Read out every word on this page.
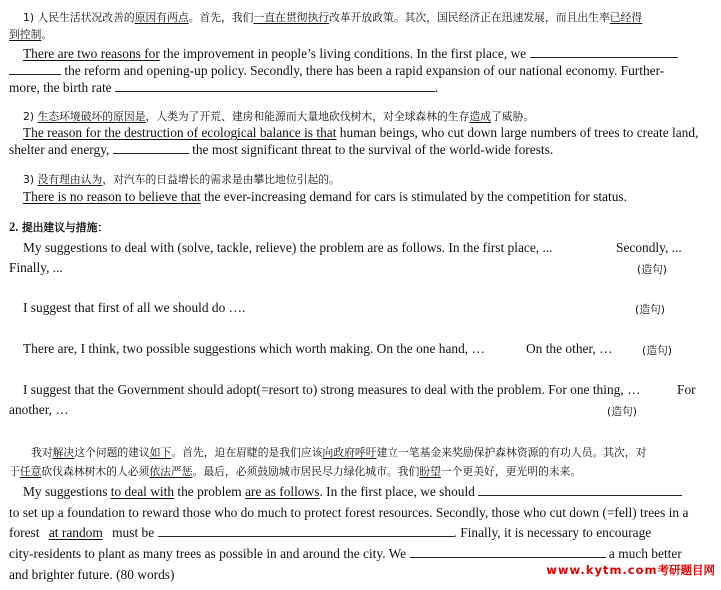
1) 人民生活状况改善的原因有两点。首先，我们一直在贯彻执行改革开放政策。其次，国民经济正在迅速发展，而且出生率已经得
到控制。
There are two reasons for the improvement in people’s living conditions. In the first place, we
the reform and opening-up policy. Secondly, there has been a rapid expansion of our national economy. Further-
more, the birth rate	.
2) 生态环境破坏的原因是，人类为了开荒、建房和能源而大量地砍伐树木，对全球森林的生存造成了威胁。
The reason for the destruction of ecological balance is that human beings, who cut down large numbers of trees to create land,
shelter and energy,	the most significant threat to the survival of the world-wide forests.
3) 没有理由认为，对汽车的日益增长的需求是由攀比地位引起的。
There is no reason to believe that the ever-increasing demand for cars is stimulated by the competition for status.
2. 提出建议与措施：
My suggestions to deal with (solve, tackle, relieve) the problem are as follows. In the first place, ...	Secondly, ...
Finally, ...	(造句)
I suggest that first of all we should do ….	(造句)
There are, I think, two possible suggestions which worth making. On the one hand, …	On the other, …	(造句)
I suggest that the Government should adopt(=resort to) strong measures to deal with the problem. For one thing, …	For
another, …	(造句)
我对解决这个问题的建议如下。首先，迫在眉睫的是我们应该向政府呼吁建立一笔基金来奖励保护森林资源的有功人员。其次，对
于任意砍伐森林树木的人必须依法严惩。最后，必须鼓励城市居民尽力绿化城市。我们盼望一个更美好，更光明的未来。
My suggestions to deal with the problem are as follows. In the first place, we should
to set up a foundation to reward those who do much to protect forest resources. Secondly, those who cut down (=fell) trees in a
forest at random must be	. Finally, it is necessary to encourage
city-residents to plant as many trees as possible in and around the city. We	a much better
and brighter future. (80 words)	www.kytm.com考研题目网
